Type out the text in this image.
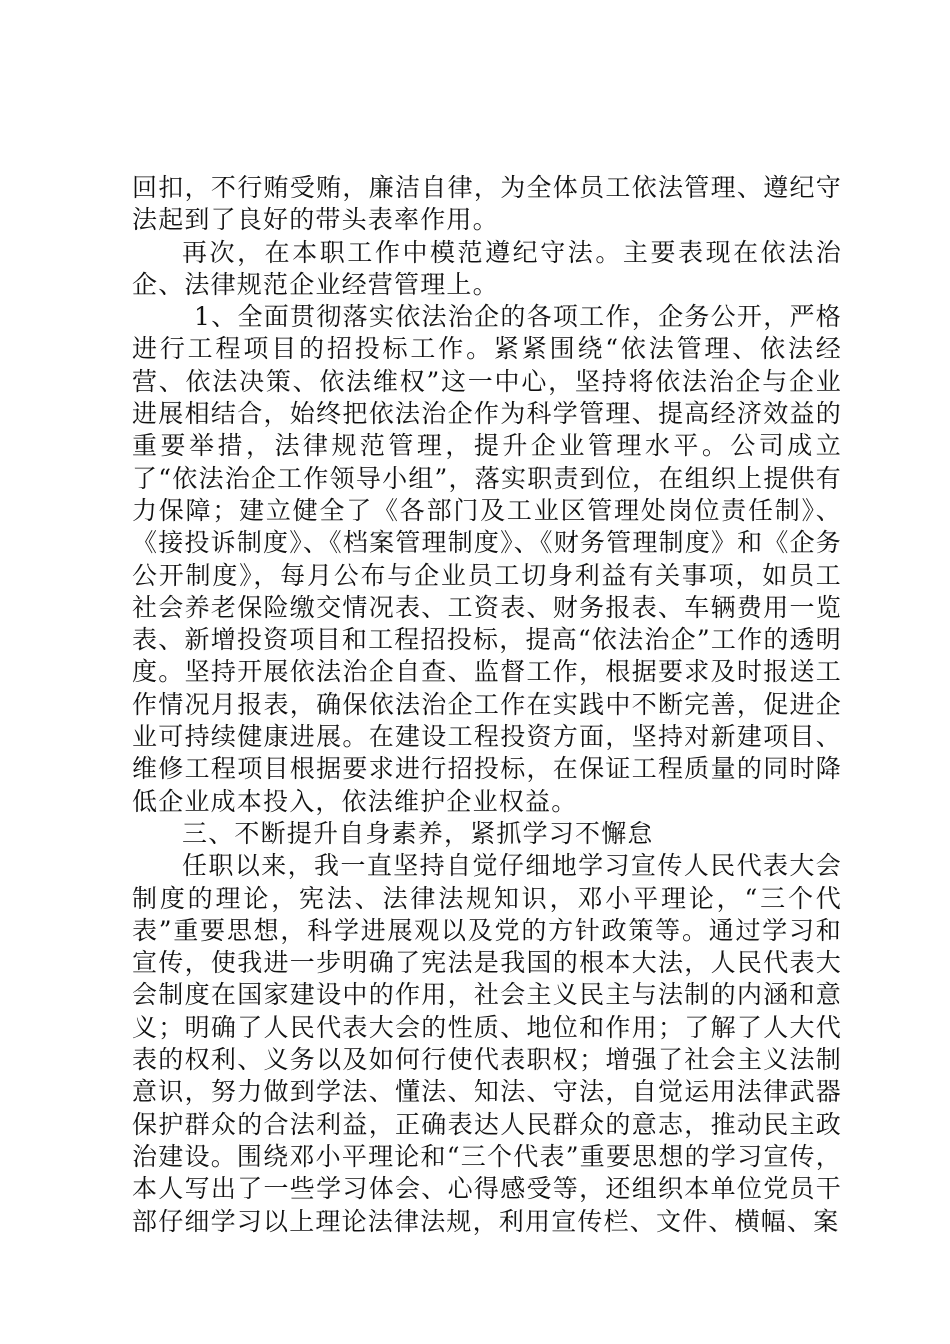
回扣，不行贿受贿，廉洁自律，为全体员工依法管理、遵纪守法起到了良好的带头表率作用。

再次，在本职工作中模范遵纪守法。主要表现在依法治企、法律规范企业经营管理上。

1、全面贯彻落实依法治企的各项工作，企务公开，严格进行工程项目的招投标工作。紧紧围绕“依法管理、依法经营、依法决策、依法维权”这一中心，坚持将依法治企与企业进展相结合，始终把依法治企作为科学管理、提高经济效益的重要举措，法律规范管理，提升企业管理水平。公司成立了“依法治企工作领导小组”，落实职责到位，在组织上提供有力保障；建立健全了《各部门及工业区管理处岗位责任制》、《接投诉制度》、《档案管理制度》、《财务管理制度》和《企务公开制度》，每月公布与企业员工切身利益有关事项，如员工社会养老保险缴交情况表、工资表、财务报表、车辆费用一览表、新增投资项目和工程招投标，提高“依法治企”工作的透明度。坚持开展依法治企自查、监督工作，根据要求及时报送工作情况月报表，确保依法治企工作在实践中不断完善，促进企业可持续健康进展。在建设工程投资方面，坚持对新建项目、维修工程项目根据要求进行招投标，在保证工程质量的同时降低企业成本投入，依法维护企业权益。

三、不断提升自身素养，紧抓学习不懈怠

任职以来，我一直坚持自觉仔细地学习宣传人民代表大会制度的理论，宪法、法律法规知识，邓小平理论，“三个代表”重要思想，科学进展观以及党的方针政策等。通过学习和宣传，使我进一步明确了宪法是我国的根本大法，人民代表大会制度在国家建设中的作用，社会主义民主与法制的内涵和意义；明确了人民代表大会的性质、地位和作用；了解了人大代表的权利、义务以及如何行使代表职权；增强了社会主义法制意识，努力做到学法、懂法、知法、守法，自觉运用法律武器保护群众的合法利益，正确表达人民群众的意志，推动民主政治建设。围绕邓小平理论和“三个代表”重要思想的学习宣传，本人写出了一些学习体会、心得感受等，还组织本单位党员干部仔细学习以上理论法律法规，利用宣传栏、文件、横幅、案
